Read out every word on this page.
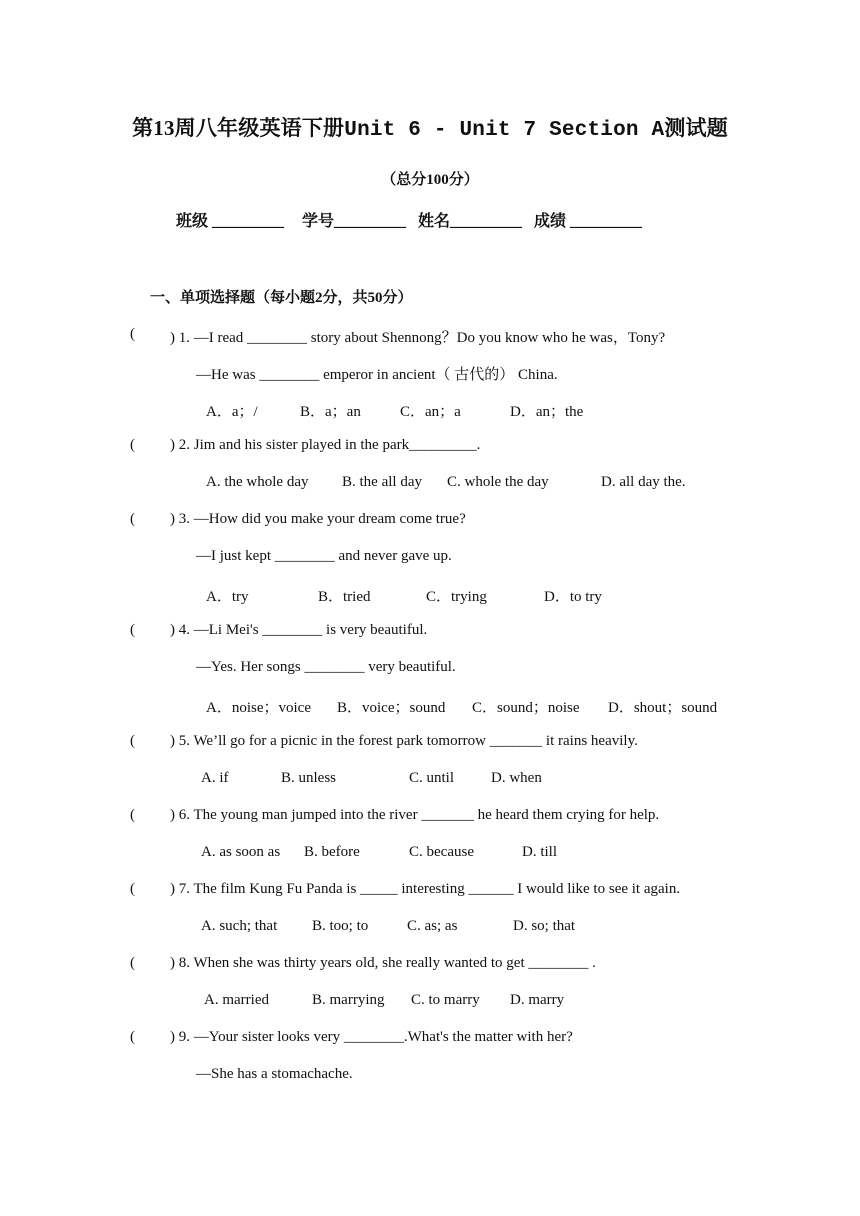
第13周八年级英语下册Unit 6 - Unit 7 Section A测试题
（总分100分）
班级 _________ 学号_________ 姓名_________ 成绩 _________
一、单项选择题（每小题2分，共50分）
( ) 1. —I read ________ story about Shennong？Do you know who he was，Tony?
—He was ________ emperor in ancient（ 古代的） China.
A．a；/	B．a；an	C．an；a	D．an；the
( ) 2. Jim and his sister played in the park_________.
A. the whole day B. the all day C. whole the day	D. all day the.
( ) 3. —How did you make your dream come true?
—I just kept ________ and never gave up.
A．try	B．tried	C．trying	D．to try
( ) 4. —Li Mei's ________ is very beautiful.
—Yes. Her songs ________ very beautiful.
A．noise；voice B．voice；sound C．sound；noise D．shout；sound
( ) 5. We’ll go for a picnic in the forest park tomorrow _______ it rains heavily.
A. if	B. unless	C. until D. when
( ) 6. The young man jumped into the river _______ he heard them crying for help.
A. as soon as B. before	C. because	D. till
( ) 7. The film Kung Fu Panda is _____ interesting ______ I would like to see it again.
A. such; that B. too; to	C. as; as	D. so; that
( ) 8. When she was thirty years old, she really wanted to get ________ .
A. married	B. marrying C. to marry D. marry
( ) 9. —Your sister looks very ________.What's the matter with her?
—She has a stomachache.
